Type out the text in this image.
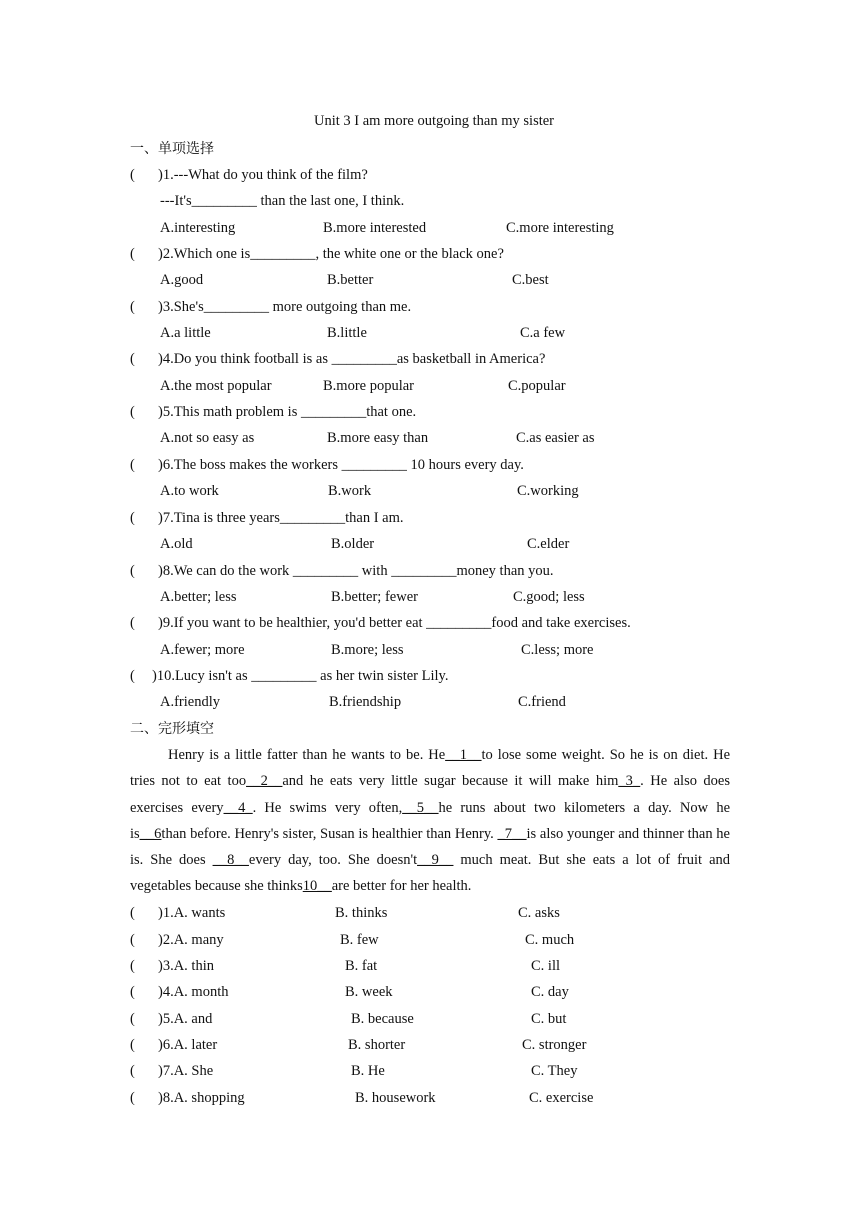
Unit 3 I am more outgoing than my sister
一、单项选择
( )1.---What do you think of the film?
---It's_________ than the last one, I think.
A.interesting	B.more interested	C.more interesting
( )2.Which one is_________, the white one or the black one?
A.good	B.better	C.best
( )3.She's_________ more outgoing than me.
A.a little	B.little	C.a few
( )4.Do you think football is as _________as basketball in America?
A.the most popular	B.more popular	C.popular
( )5.This math problem is _________that one.
A.not so easy as	B.more easy than	C.as easier as
( )6.The boss makes the workers _________ 10 hours every day.
A.to work	B.work	C.working
( )7.Tina is three years_________than I am.
A.old	B.older	C.elder
( )8.We can do the work _________ with _________money than you.
A.better; less	B.better; fewer	C.good; less
( )9.If you want to be healthier, you'd better eat _________food and take exercises.
A.fewer; more	B.more; less	C.less; more
( )10.Lucy isn't as _________ as her twin sister Lily.
A.friendly	B.friendship	C.friend
二、完形填空
Henry is a little fatter than he wants to be. He__1__to lose some weight. So he is on diet. He tries not to eat too__2__and he eats very little sugar because it will make him_3_. He also does exercises every__4_. He swims very often,__5__he runs about two kilometers a day. Now he is__6than before. Henry's sister, Susan is healthier than Henry. _7__is also younger and thinner than he is. She does __8__every day, too. She doesn't__9__ much meat. But she eats a lot of fruit and vegetables because she thinks10__are better for her health.
( )1.A. wants	B. thinks	C. asks
( )2.A. many	B. few	C. much
( )3.A. thin	B. fat	C. ill
( )4.A. month	B. week	C. day
( )5.A. and	B. because	C. but
( )6.A. later	B. shorter	C. stronger
( )7.A. She	B. He	C. They
( )8.A. shopping	B. housework	C. exercise
